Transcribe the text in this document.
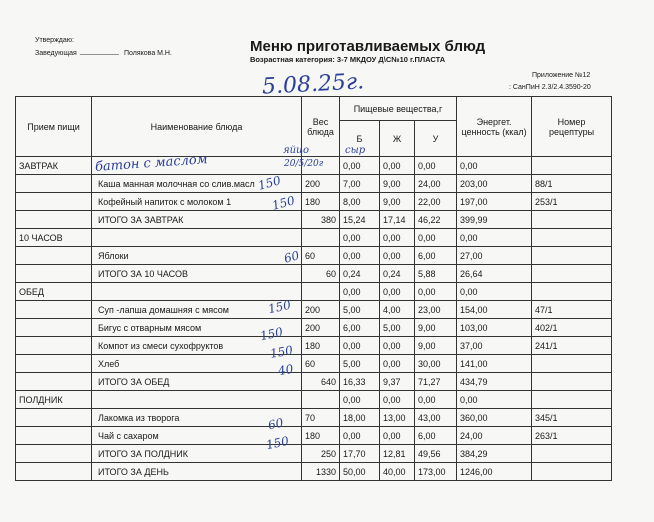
Утверждаю:
Заведующая __________ Полякова М.Н.	Меню приготавливаемых блюд
Возрастная категория: 3-7 МКДОУ Д\С№10 г.ПЛАСТА
Приложение №12
: СанПиН 2.3/2.4.3590-20
5.08.25г.
Прием пищи	Наименование блюда	Вес блюда	Пищевые вещества,г			Энергет. ценность (ккал)	Номер рецептуры
			Б	Ж	У		
ЗАВТРАК			0,00	0,00	0,00	0,00	
	Каша манная молочная со слив.масл	200	7,00	9,00	24,00	203,00	88/1
	Кофейный напиток с молоком 1	180	8,00	9,00	22,00	197,00	253/1
	ИТОГО ЗА ЗАВТРАК	380	15,24	17,14	46,22	399,99	
10 ЧАСОВ			0,00	0,00	0,00	0,00	
	Яблоки	60	0,00	0,00	6,00	27,00	
	ИТОГО ЗА 10 ЧАСОВ	60	0,24	0,24	5,88	26,64	
ОБЕД			0,00	0,00	0,00	0,00	
	Суп -лапша домашняя с мясом	200	5,00	4,00	23,00	154,00	47/1
	Бигус с отварным мясом	200	6,00	5,00	9,00	103,00	402/1
	Компот из смеси сухофруктов	180	0,00	0,00	9,00	37,00	241/1
	Хлеб	60	5,00	0,00	30,00	141,00	
	ИТОГО ЗА ОБЕД	640	16,33	9,37	71,27	434,79	
ПОЛДНИК			0,00	0,00	0,00	0,00	
	Лакомка из творога	70	18,00	13,00	43,00	360,00	345/1
	Чай с сахаром	180	0,00	0,00	6,00	24,00	263/1
	ИТОГО ЗА ПОЛДНИК	250	17,70	12,81	49,56	384,29	
	ИТОГО ЗА ДЕНЬ	1330	50,00	40,00	173,00	1246,00	
батон с маслом
яйцо
20/5/20г
сыр
150
150
60
150
150
150
40
60
150
